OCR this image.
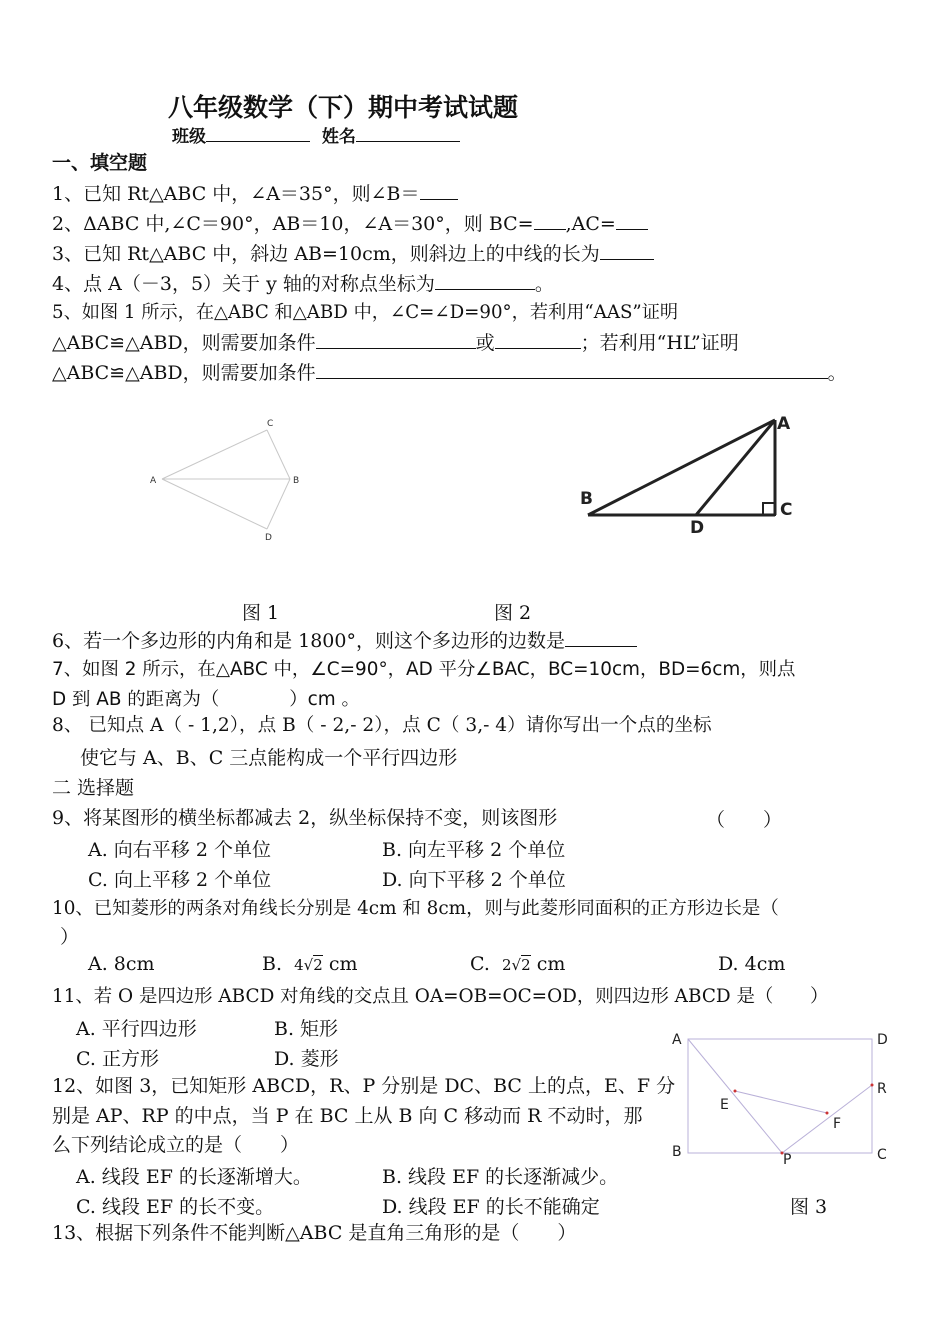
八年级数学（下）期中考试试题
班级	姓名
一、填空题
1、已知 Rt△ABC 中，∠A＝35°，则∠B＝
2、ΔABC 中,∠C＝90°，AB＝10，∠A＝30°，则 BC= ,AC=
3、已知 Rt△ABC 中，斜边 AB=10cm，则斜边上的中线的长为
4、点 A（－3，5）关于 y 轴的对称点坐标为	。
5、如图 1 所示，在△ABC 和△ABD 中，∠C=∠D=90°，若利用“AAS”证明
△ABC≌△ABD，则需要加条件	或	；若利用“HL”证明
△ABC≌△ABD，则需要加条件	。
A	B
C
D
A
B
C
D
图 1	图 2
6、若一个多边形的内角和是 1800°，则这个多边形的边数是
7、如图 2 所示，在△ABC 中，∠C=90°，AD 平分∠BAC，BC=10cm，BD=6cm，则点
D 到 AB 的距离为（	）cm 。
8、 已知点 A（ - 1,2），点 B（ - 2,- 2），点 C（ 3,- 4）请你写出一个点的坐标
使它与 A、B、C 三点能构成一个平行四边形
二 选择题
9、将某图形的横坐标都减去 2，纵坐标保持不变，则该图形	（　　）
A. 向右平移 2 个单位	B. 向左平移 2 个单位
C. 向上平移 2 个单位	D. 向下平移 2 个单位
10、已知菱形的两条对角线长分别是 4cm 和 8cm，则与此菱形同面积的正方形边长是（
）
A. 8cm	B. 4√2 cm	C. 2√2 cm	D. 4cm
11、若 O 是四边形 ABCD 对角线的交点且 OA=OB=OC=OD，则四边形 ABCD 是（　　）
A. 平行四边形	B. 矩形
C. 正方形	D. 菱形
12、如图 3，已知矩形 ABCD，R、P 分别是 DC、BC 上的点，E、F 分
别是 AP、RP 的中点，当 P 在 BC 上从 B 向 C 移动而 R 不动时，那
么下列结论成立的是（　　）
A. 线段 EF 的长逐渐增大。	B. 线段 EF 的长逐渐减少。
C. 线段 EF 的长不变。	D. 线段 EF 的长不能确定
A	D
B	C
E
F
R
P
图 3
13、根据下列条件不能判断△ABC 是直角三角形的是（　　）
